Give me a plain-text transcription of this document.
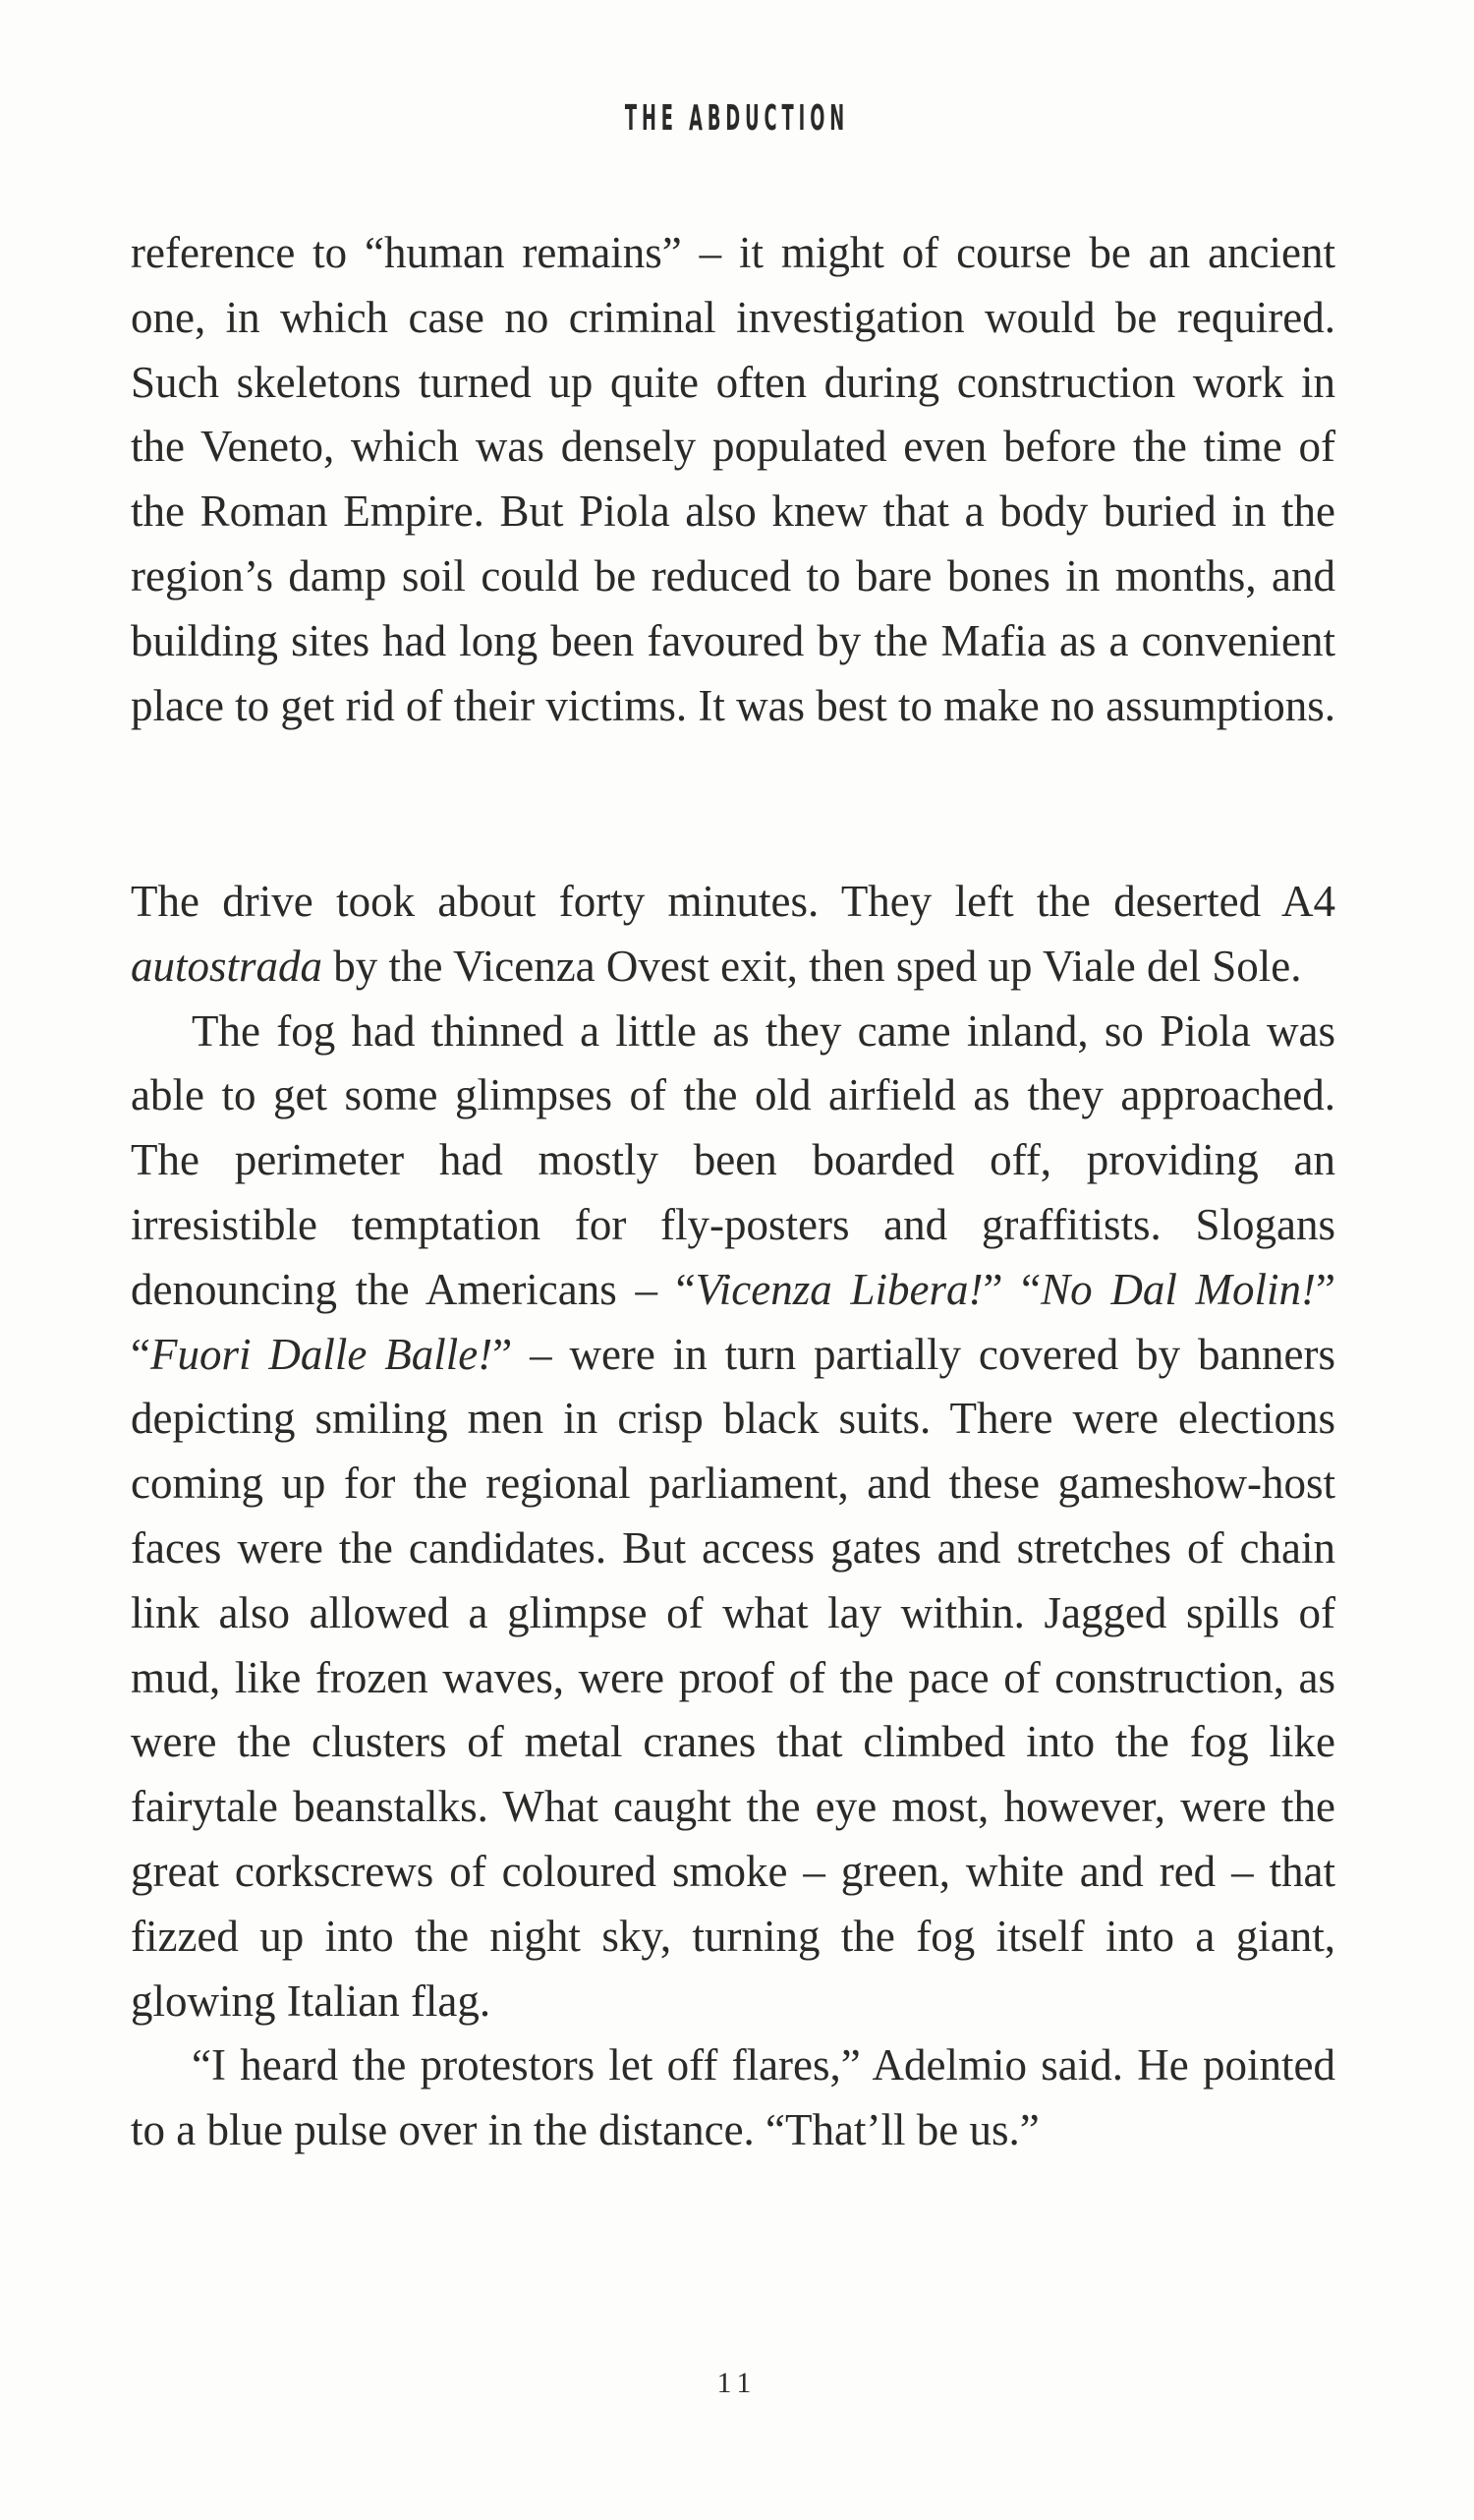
THE ABDUCTION

reference to “human remains” – it might of course be an ancient one, in which case no criminal investigation would be required. Such skeletons turned up quite often during construction work in the Veneto, which was densely populated even before the time of the Roman Empire. But Piola also knew that a body buried in the region’s damp soil could be reduced to bare bones in months, and building sites had long been favoured by the Mafia as a convenient place to get rid of their victims. It was best to make no assumptions.

The drive took about forty minutes. They left the deserted A4 autostrada by the Vicenza Ovest exit, then sped up Viale del Sole.

The fog had thinned a little as they came inland, so Piola was able to get some glimpses of the old airfield as they approached. The perimeter had mostly been boarded off, providing an irresistible temptation for fly-posters and graffitists. Slogans denouncing the Americans – “Vicenza Libera!” “No Dal Molin!” “Fuori Dalle Balle!” – were in turn partially covered by banners depicting smiling men in crisp black suits. There were elections coming up for the regional parliament, and these gameshow-host faces were the candidates. But access gates and stretches of chain link also allowed a glimpse of what lay within. Jagged spills of mud, like frozen waves, were proof of the pace of construction, as were the clusters of metal cranes that climbed into the fog like fairytale beanstalks. What caught the eye most, however, were the great corkscrews of coloured smoke – green, white and red – that fizzed up into the night sky, turning the fog itself into a giant, glowing Italian flag.

“I heard the protestors let off flares,” Adelmio said. He pointed to a blue pulse over in the distance. “That’ll be us.”

11
